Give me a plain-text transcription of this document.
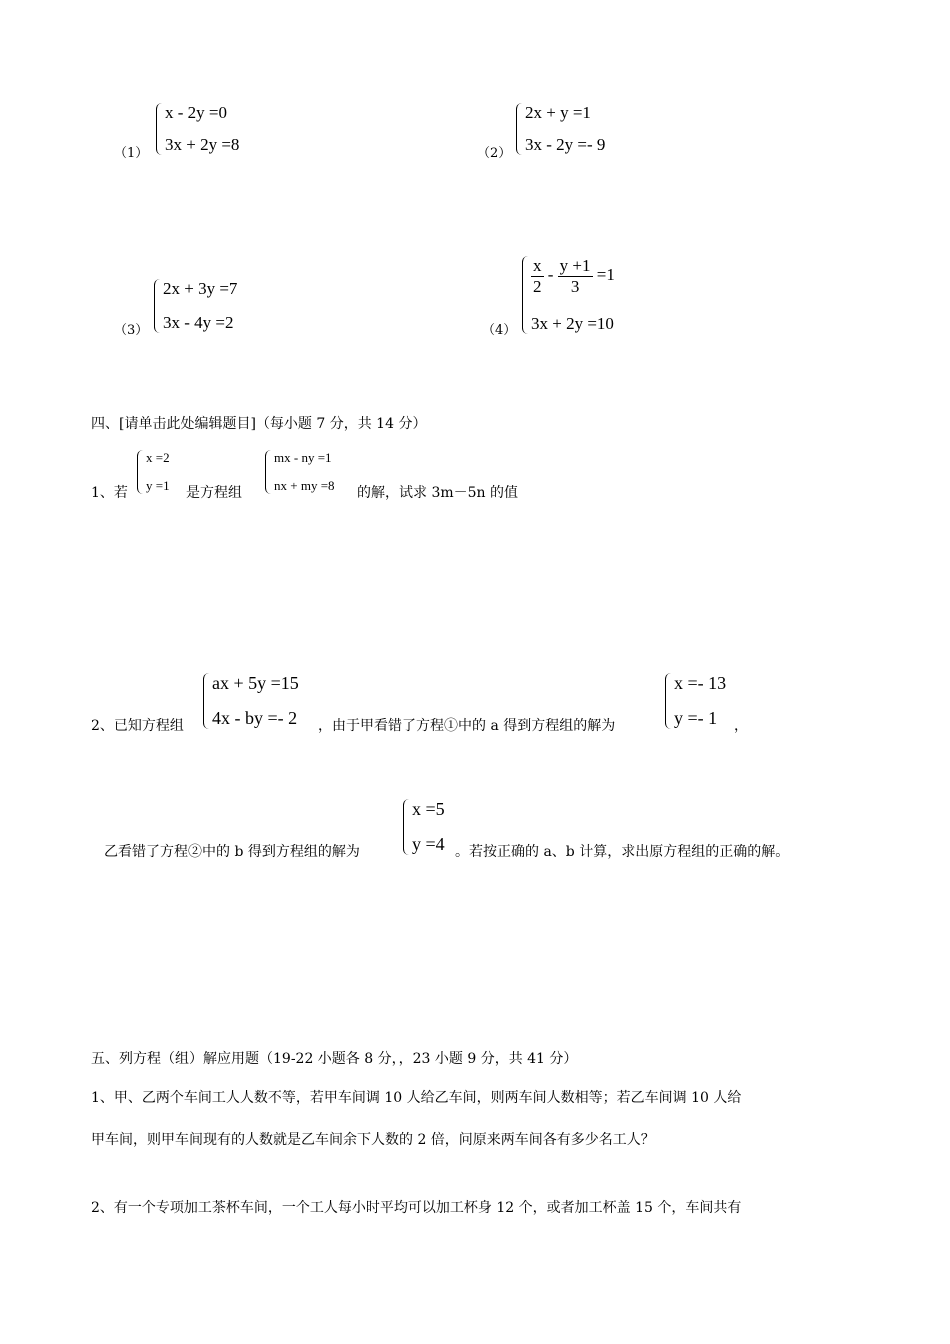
（1）
x - 2y =0
3x + 2y =8	（2）
2x + y =1
3x - 2y =- 9
（3）
2x + 3y =7
3x - 4y =2	（4）
$\frac{x}{2} - \frac{y +1}{3} =1$
3x + 2y =10
四、[请单击此处编辑题目]（每小题 7 分，共 14 分）
1、若
x =2
y =1 是方程组
mx - ny =1
nx + my =8 的解，试求 3m－5n 的值
2、已知方程组
ax + 5y =15
4x - by =- 2 ，由于甲看错了方程①中的 a 得到方程组的解为
x =- 13
y =- 1	，
乙看错了方程②中的 b 得到方程组的解为
x =5
y =4 。若按正确的 a、b 计算，求出原方程组的正确的解。
五、列方程（组）解应用题（19-22 小题各 8 分，，23 小题 9 分，共 41 分）
1、甲、乙两个车间工人人数不等，若甲车间调 10 人给乙车间，则两车间人数相等；若乙车间调 10 人给
甲车间，则甲车间现有的人数就是乙车间余下人数的 2 倍，问原来两车间各有多少名工人？
2、有一个专项加工茶杯车间，一个工人每小时平均可以加工杯身 12 个，或者加工杯盖 15 个，车间共有
